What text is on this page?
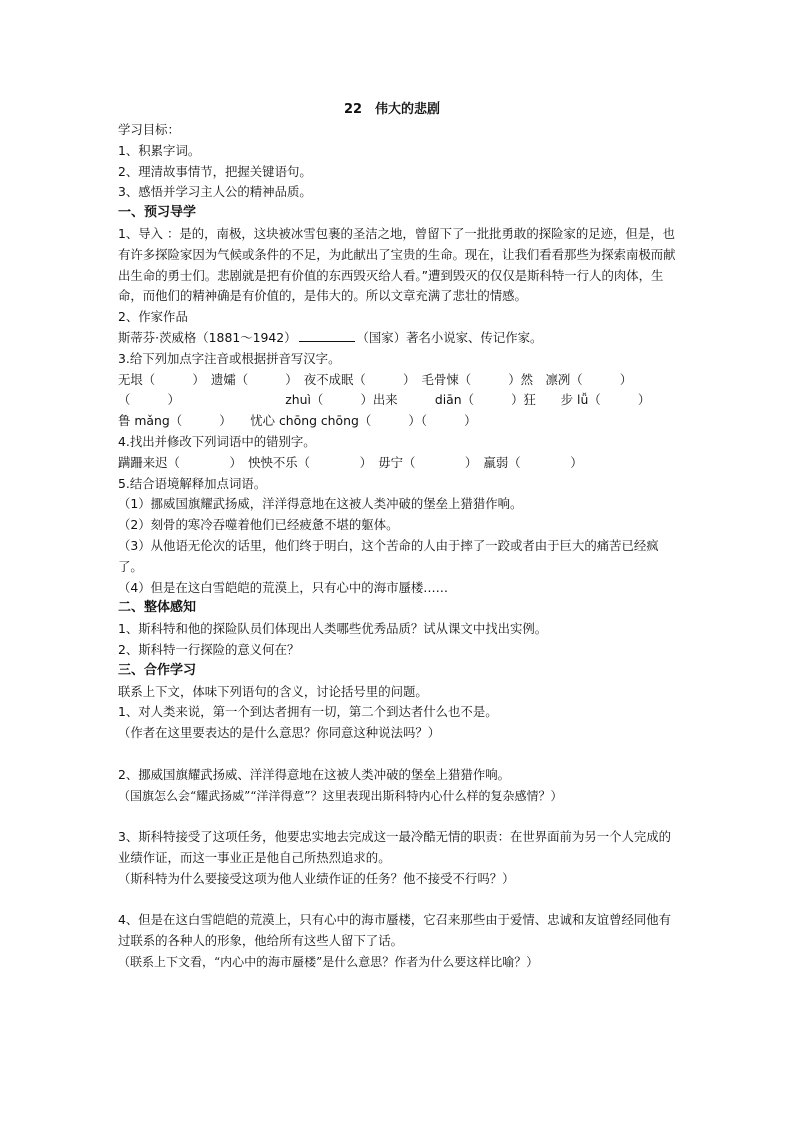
22　伟大的悲剧
学习目标：
1、积累字词。
2、理清故事情节，把握关键语句。
3、感悟并学习主人公的精神品质。
一、预习导学
1、导入 ：是的，南极，这块被冰雪包裹的圣洁之地，曾留下了一批批勇敢的探险家的足迹，但是，也有许多探险家因为气候或条件的不足，为此献出了宝贵的生命。现在，让我们看看那些为探索南极而献出生命的勇士们。悲剧就是把有价值的东西毁灭给人看。”遭到毁灭的仅仅是斯科特一行人的肉体，生命，而他们的精神确是有价值的，是伟大的。所以文章充满了悲壮的情感。
2、作家作品
斯蒂芬·茨威格（1881～1942）	（国家）著名小说家、传记作家。
3.给下列加点字注音或根据拼音写汉字。
无垠（　　　）　遗孀（　　　）　夜不成眠（　　　）　毛骨悚（　　　）然　凛冽（　　　）
（　　　）　　　　　　　　　zhuì（　　　）出来　　　diān（　　　）狂　　步 lǚ（　　　）
鲁 mǎng（　　　）　　忧心 chōng chōng（　　　）（　　　）
4.找出并修改下列词语中的错别字。
蹒跚来迟（　　　　）　怏怏不乐（　　　　）　毋宁（　　　　）　羸弱（　　　　）
5.结合语境解释加点词语。
（1）挪威国旗耀武扬威，洋洋得意地在这被人类冲破的堡垒上猎猎作响。
（2）刻骨的寒冷吞噬着他们已经疲惫不堪的躯体。
（3）从他语无伦次的话里，他们终于明白，这个苦命的人由于摔了一跤或者由于巨大的痛苦已经疯了。
（4）但是在这白雪皑皑的荒漠上，只有心中的海市蜃楼……
二、整体感知
1、斯科特和他的探险队员们体现出人类哪些优秀品质？试从课文中找出实例。
2、斯科特一行探险的意义何在？
三、合作学习
联系上下文，体味下列语句的含义，讨论括号里的问题。
1、对人类来说，第一个到达者拥有一切，第二个到达者什么也不是。
（作者在这里要表达的是什么意思？你同意这种说法吗？）
2、挪威国旗耀武扬威、洋洋得意地在这被人类冲破的堡垒上猎猎作响。
（国旗怎么会“耀武扬威”“洋洋得意”？这里表现出斯科特内心什么样的复杂感情？）
3、斯科特接受了这项任务，他要忠实地去完成这一最冷酷无情的职责：在世界面前为另一个人完成的业绩作证，而这一事业正是他自己所热烈追求的。
（斯科特为什么要接受这项为他人业绩作证的任务？他不接受不行吗？）
4、但是在这白雪皑皑的荒漠上，只有心中的海市蜃楼，它召来那些由于爱情、忠诚和友谊曾经同他有过联系的各种人的形象，他给所有这些人留下了话。
（联系上下文看，“内心中的海市蜃楼”是什么意思？作者为什么要这样比喻？）
